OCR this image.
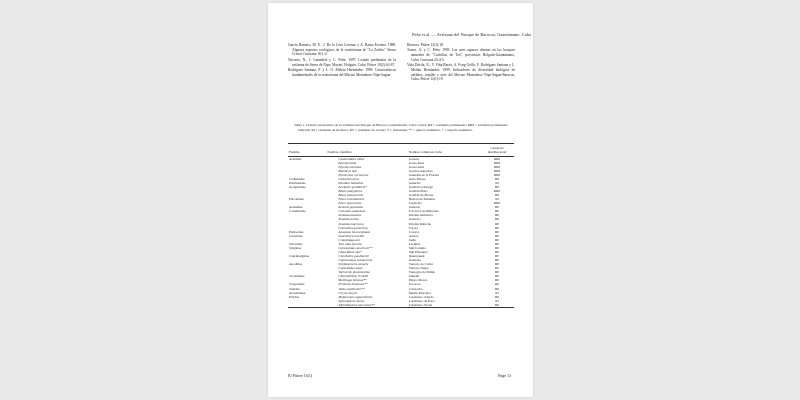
Peña et al. — Avifauna del Yunque de Baracoa, Guantánamo, Cuba

García Romero, M. E., J. De la Cruz Lorenzo y A. Ramo Ercema. 1988. Algunos aspectos ecológicos de la ornitofauna de "La Zoilita," Sierra Cristal. Garciana 16:1-2.

Navarro, N., J. Lamadrid y C. Peña. 1997. Listado preliminar de la avifauna de Sierra de Nipe, Mayarí, Holguín, Cuba. Pitirre 10(2):62-67.

Rodríguez Santana, F. y L. O. Melián Hernández. 1999. Características fundamentales de la ornitofauna del Macizo Montañoso Nipe-Sagua-

Baracoa. Pitirre 12(1):18.

Torres, A. y C. Peña. 1995. Las aves rapaces diurnas en los bosques naturales de "Cuchillas de Toa", provincias Holguín-Guantánamo, Cuba. Garciana 23:4-5.

Viña Dávila, N., V. Viña Bayés, A. Fong Grillo, F. Rodríguez Santana y L. Melián Hernández. 1999. Indicadores de diversidad biológica de anfibios, reptiles y aves del Macizo Montañoso Nipe-Sagua-Baracoa, Cuba. Pitirre 12(1):19.

Tabla 1. Listado taxonómico de la avifauna del Yunque de Baracoa, Guantánamo, Cuba. Clave: RP = residente permanente; RRP = residente permanente bimodal; RI = residente de invierno; RV = residente de verano; T = transeúnte. ** = género endémico, * = especie endémica.
Familia	Nombre científico	Nombre común en Cuba	Categoría distribucional
Ardeidae	Casmerodius albus	Garzón	RRP
	Egretta thula	Garza Real	RRP
	Egretta caerulea	Garza Azul	RRP
	Bubulcus ibis	Garcita Ganadera	RRP
	Nycticorax nycticorax	Guanabá de la Florida	RRP
Cathartidae	Cathartes aura	Aura Tiñosa	RP
Pandionidae	Pandion haliaetus	Guincho	RI
Accipitridae	Accipiter gundlachi*	Gavilán Colilargo	RP
	Buteo platypterus	Gavilán Bobo	RRP
	Buteo jamaicensis	Gavilán de Monte	RP
Falconidae	Falco columbarius	Halcón de Palomas	RI
	Falco sparverius	Cernícalo	RRP
Aramidae	Aramus guarauna	Guareao	RP
Columbidae	Columba squamosa	Torcaza Cuellimorada	RP
	Zenaida asiatica	Paloma Aliblanca	RP
	Zenaida aurita	Guanaro	RP
	Zenaida macroura	Paloma Rabiche	RP
	Columbina passerina	Tojosa	RP
Psittacidae	Amazona leucocephala	Cotorra	RP
Cuculidae	Saurothera merlini	Arriero	RP
	Crotophaga ani	Judío	RP
Tytonidae	Tyto alba furcata	Lechuza	RP
Strigidae	Gymnoglaux lawrencii**	Sijú Cotunto	RP
	Glaucidium siju*	Sijú Platanero	RP
Caprimulgidae	Chordeiles gundlachii	Querequeté	RV
	Caprimulgus cubanensis	Guabairo	RP
Apodidae	Streptoprocne zonaris	Vencejo de Collar	RP
	Cypseloides niger	Vencejo Negro	RV
	Tachornis phoenicobia	Vencejito de Palma	RP
Trochilidae	Chlorostilbon ricordii	Zunzún	RP
	Mellisuga helenae**	Pájaro Mosca	RP
Trogonidae	Priotelus temnurus**	Tocororo	RP
Todidae	Todus multicolor**	Cartacuba	RP
Alcedinidae	Ceryle alcyon	Martín Pescador	RI
Picidae	Melanerpes superciliaris	Carpintero Jabado	RP
	Sphyrapicus varius	Carpintero de Paso	RI
	Xiphidiopicus percussus**	Carpintero Verde	RP
El Pitirre 13(1)	Page 13
